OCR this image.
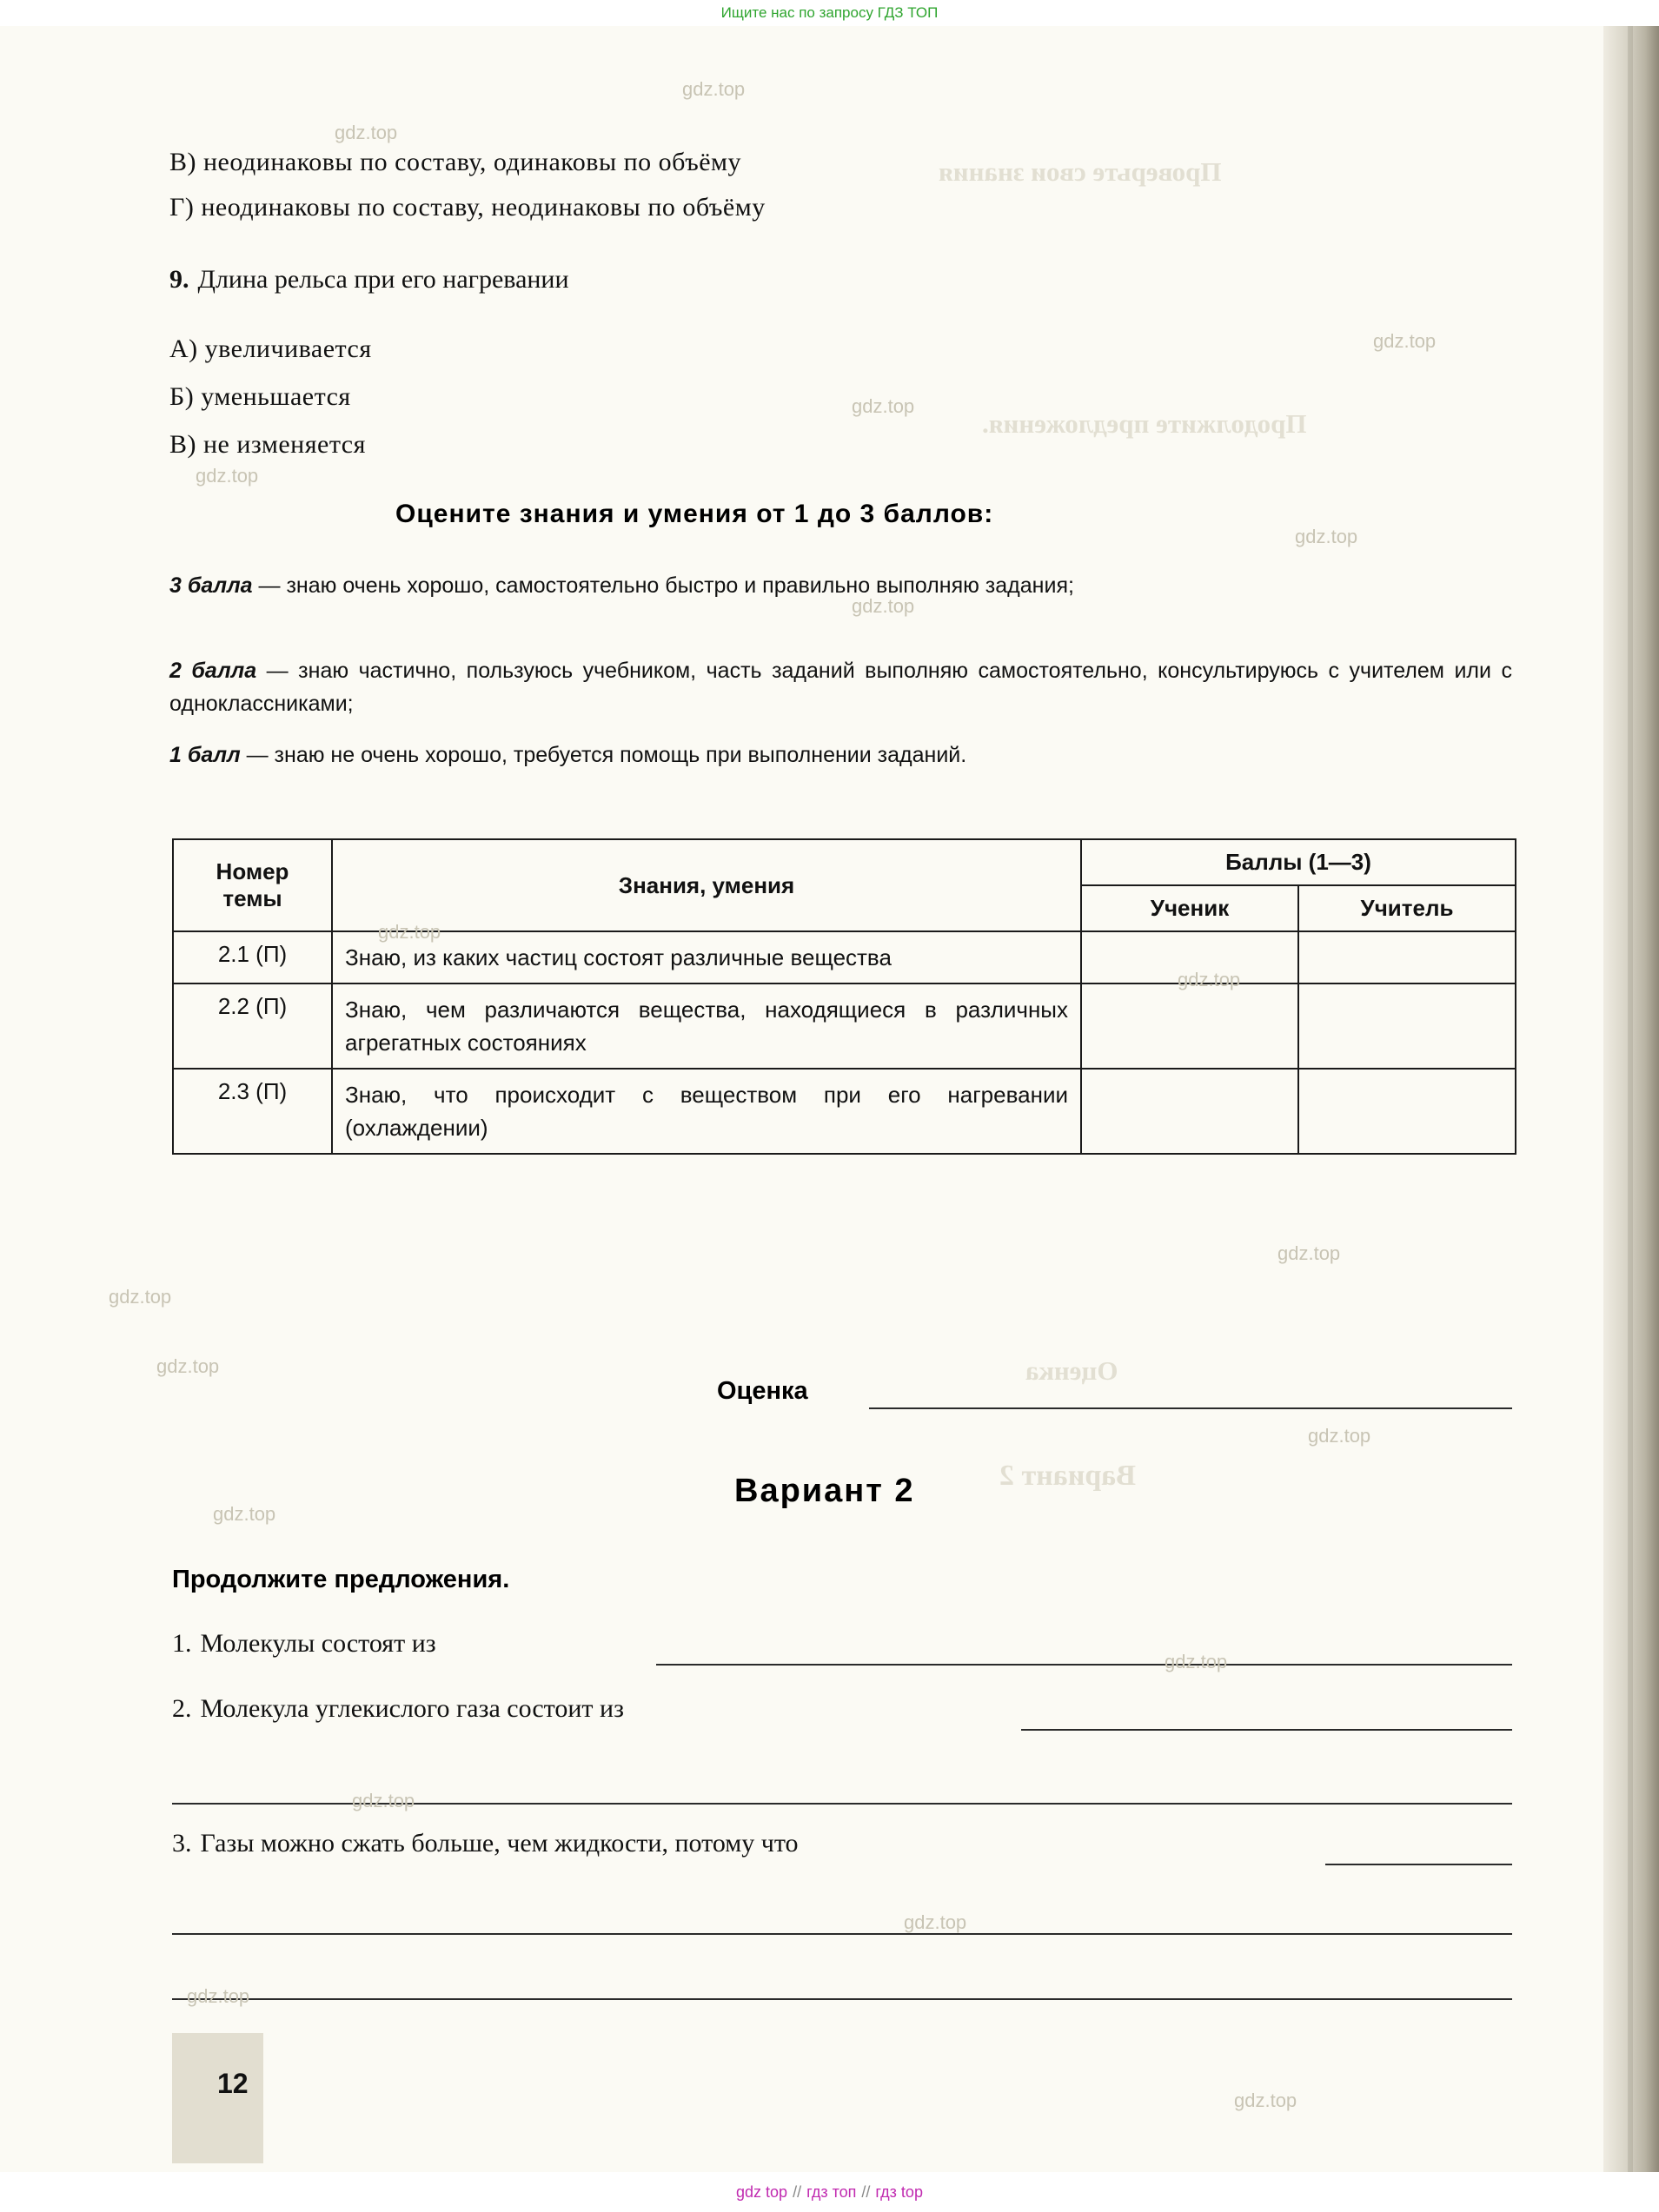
Ищите нас по запросу ГДЗ ТОП
Проверьте свои знания
Продолжите предложения.
Оценка
Вариант 2
В) неодинаковы по составу, одинаковы по объёму
Г) неодинаковы по составу, неодинаковы по объёму
9. Длина рельса при его нагревании
А) увеличивается
Б) уменьшается
В) не изменяется
Оцените знания и умения от 1 до 3 баллов:
3 балла — знаю очень хорошо, самостоятельно быстро и правильно выполняю задания;
2 балла — знаю частично, пользуюсь учебником, часть заданий выполняю самостоятельно, консультируюсь с учителем или с одноклассниками;
1 балл — знаю не очень хорошо, требуется помощь при выполнении заданий.
Номер
темы	Знания, умения	Баллы (1—3)	
		Ученик	Учитель
2.1 (П)	Знаю, из каких частиц состоят различные вещества		
2.2 (П)	Знаю, чем различаются вещества, находящиеся в различных агрегатных состояниях		
2.3 (П)	Знаю, что происходит с веществом при его нагревании (охлаждении)		
Оценка
Вариант 2
Продолжите предложения.
1. Молекулы состоят из
2. Молекула углекислого газа состоит из
3. Газы можно сжать больше, чем жидкости, потому что
12
gdz.top
gdz.top
gdz.top
gdz.top
gdz.top
gdz.top
gdz.top
gdz.top
gdz.top
gdz.top
gdz.top
gdz.top
gdz.top
gdz.top
gdz.top
gdz.top
gdz.top
gdz.top
gdz.top
gdz top // гдз топ // гдз top
